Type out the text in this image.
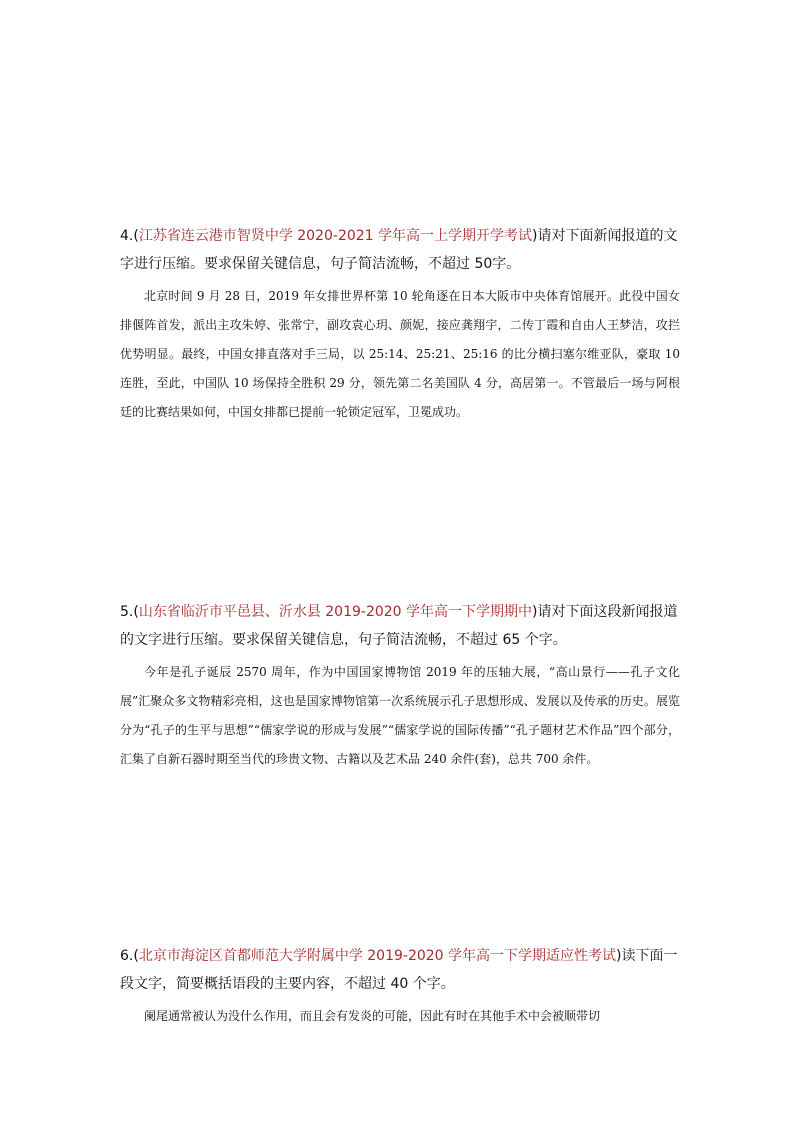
4.(江苏省连云港市智贤中学 2020-2021 学年高一上学期开学考试)请对下面新闻报道的文字进行压缩。要求保留关键信息，句子简洁流畅，不超过 50字。

北京时间 9 月 28 日，2019 年女排世界杯第 10 轮角逐在日本大阪市中央体育馆展开。此役中国女排偃阵首发，派出主攻朱婷、张常宁，副攻袁心玥、颜妮，接应龚翔宇，二传丁霞和自由人王梦洁，攻拦优势明显。最终，中国女排直落对手三局，以 25:14、25:21、25:16 的比分横扫塞尔维亚队，豪取 10 连胜，至此，中国队 10 场保持全胜积 29 分，领先第二名美国队 4 分，高居第一。不管最后一场与阿根廷的比赛结果如何，中国女排都已提前一轮锁定冠军，卫冕成功。

5.(山东省临沂市平邑县、沂水县 2019-2020 学年高一下学期期中)请对下面这段新闻报道的文字进行压缩。要求保留关键信息，句子简洁流畅，不超过 65 个字。

今年是孔子诞辰 2570 周年，作为中国国家博物馆 2019 年的压轴大展，“高山景行——孔子文化展”汇聚众多文物精彩亮相，这也是国家博物馆第一次系统展示孔子思想形成、发展以及传承的历史。展览分为“孔子的生平与思想”“儒家学说的形成与发展”“儒家学说的国际传播”“孔子题材艺术作品”四个部分，汇集了自新石器时期至当代的珍贵文物、古籍以及艺术品 240 余件(套)，总共 700 余件。

6.(北京市海淀区首都师范大学附属中学 2019-2020 学年高一下学期适应性考试)读下面一段文字，简要概括语段的主要内容，不超过 40 个字。

阑尾通常被认为没什么作用，而且会有发炎的可能，因此有时在其他手术中会被顺带切
